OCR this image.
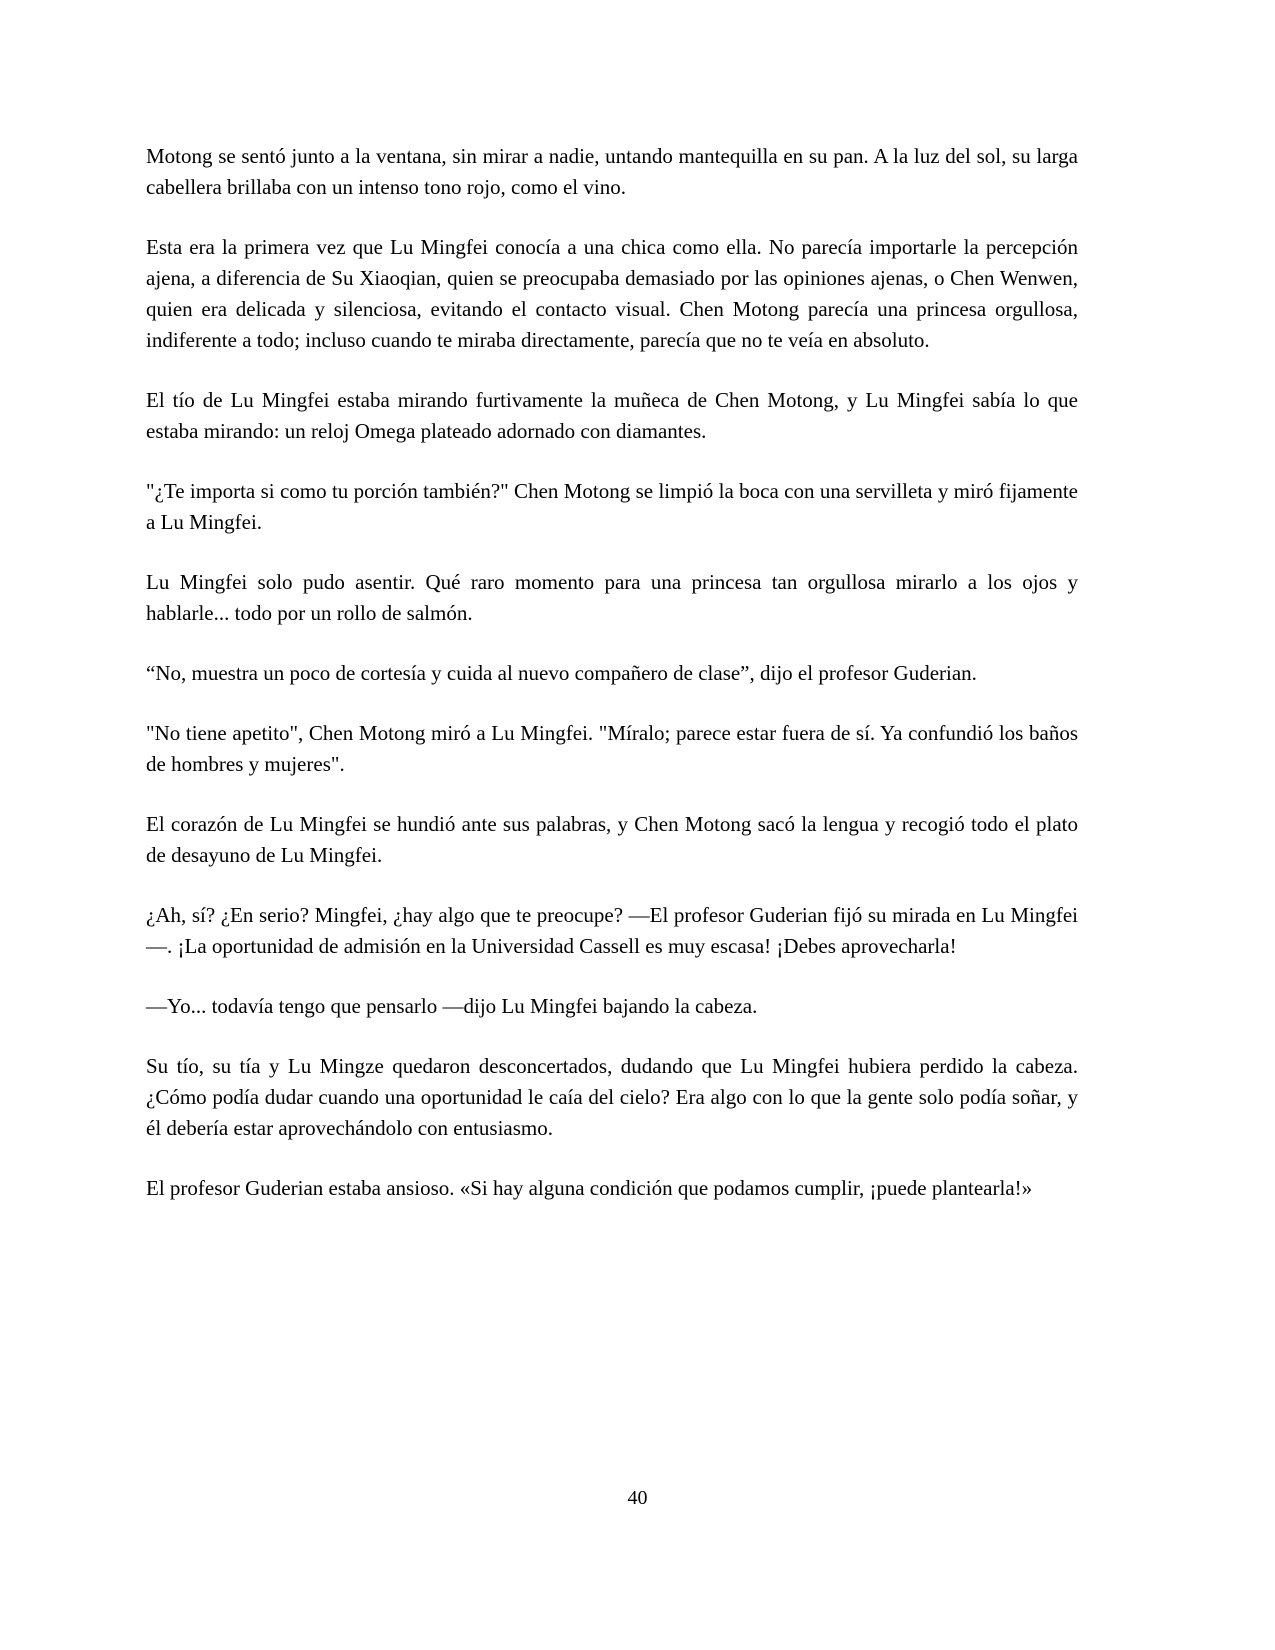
Motong se sentó junto a la ventana, sin mirar a nadie, untando mantequilla en su pan. A la luz del sol, su larga cabellera brillaba con un intenso tono rojo, como el vino.

Esta era la primera vez que Lu Mingfei conocía a una chica como ella. No parecía importarle la percepción ajena, a diferencia de Su Xiaoqian, quien se preocupaba demasiado por las opiniones ajenas, o Chen Wenwen, quien era delicada y silenciosa, evitando el contacto visual. Chen Motong parecía una princesa orgullosa, indiferente a todo; incluso cuando te miraba directamente, parecía que no te veía en absoluto.

El tío de Lu Mingfei estaba mirando furtivamente la muñeca de Chen Motong, y Lu Mingfei sabía lo que estaba mirando: un reloj Omega plateado adornado con diamantes.

"¿Te importa si como tu porción también?" Chen Motong se limpió la boca con una servilleta y miró fijamente a Lu Mingfei.

Lu Mingfei solo pudo asentir. Qué raro momento para una princesa tan orgullosa mirarlo a los ojos y hablarle... todo por un rollo de salmón.

“No, muestra un poco de cortesía y cuida al nuevo compañero de clase”, dijo el profesor Guderian.

"No tiene apetito", Chen Motong miró a Lu Mingfei. "Míralo; parece estar fuera de sí. Ya confundió los baños de hombres y mujeres".

El corazón de Lu Mingfei se hundió ante sus palabras, y Chen Motong sacó la lengua y recogió todo el plato de desayuno de Lu Mingfei.

¿Ah, sí? ¿En serio? Mingfei, ¿hay algo que te preocupe? —El profesor Guderian fijó su mirada en Lu Mingfei—. ¡La oportunidad de admisión en la Universidad Cassell es muy escasa! ¡Debes aprovecharla!

—Yo... todavía tengo que pensarlo —dijo Lu Mingfei bajando la cabeza.

Su tío, su tía y Lu Mingze quedaron desconcertados, dudando que Lu Mingfei hubiera perdido la cabeza. ¿Cómo podía dudar cuando una oportunidad le caía del cielo? Era algo con lo que la gente solo podía soñar, y él debería estar aprovechándolo con entusiasmo.

El profesor Guderian estaba ansioso. «Si hay alguna condición que podamos cumplir, ¡puede plantearla!»

40
